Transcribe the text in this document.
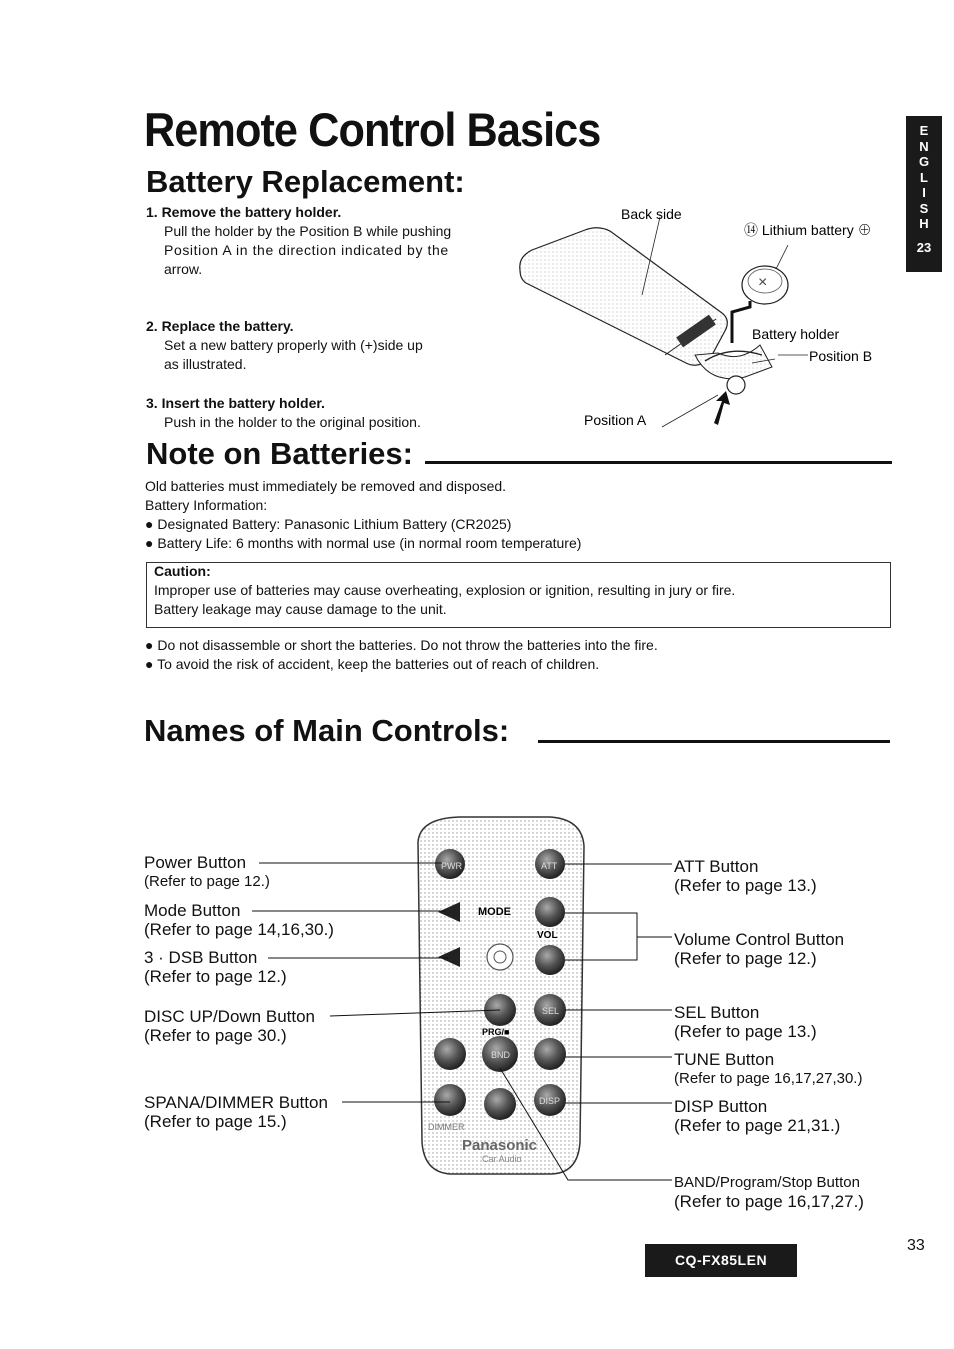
E
N
G
L
I
S
H
23
Remote Control Basics
Battery Replacement:
1. Remove the battery holder.
Pull the holder by the Position B while pushing
Position A in the direction indicated by the
arrow.
2. Replace the battery.
Set a new battery properly with (+)side up
as illustrated.
3. Insert the battery holder.
Push in the holder to the original position.
Back side
⑭ Lithium battery ⊕
×
Battery holder
Position B
Position A
Note on Batteries:
Old batteries must immediately be removed and disposed.
Battery Information:
● Designated Battery: Panasonic Lithium Battery (CR2025)
● Battery Life: 6 months with normal use (in normal room temperature)
Caution:
Improper use of batteries may cause overheating, explosion or ignition, resulting in jury or fire.
Battery leakage may cause damage to the unit.
● Do not disassemble or short the batteries. Do not throw the batteries into the fire.
● To avoid the risk of accident, keep the batteries out of reach of children.
Names of Main Controls:
PWR	ATT
MODE
VOL
PRG/■
SEL
BND
DISP
DIMMER
Panasonic
Car Audio
Power Button
(Refer to page 12.)
Mode Button
(Refer to page 14,16,30.)
3 · DSB Button
(Refer to page 12.)
DISC UP/Down Button
(Refer to page 30.)
SPANA/DIMMER Button
(Refer to page 15.)
ATT Button
(Refer to page 13.)
Volume Control Button
(Refer to page 12.)
SEL Button
(Refer to page 13.)
TUNE Button
(Refer to page 16,17,27,30.)
DISP Button
(Refer to page 21,31.)
BAND/Program/Stop Button
(Refer to page 16,17,27.)
CQ-FX85LEN
33
